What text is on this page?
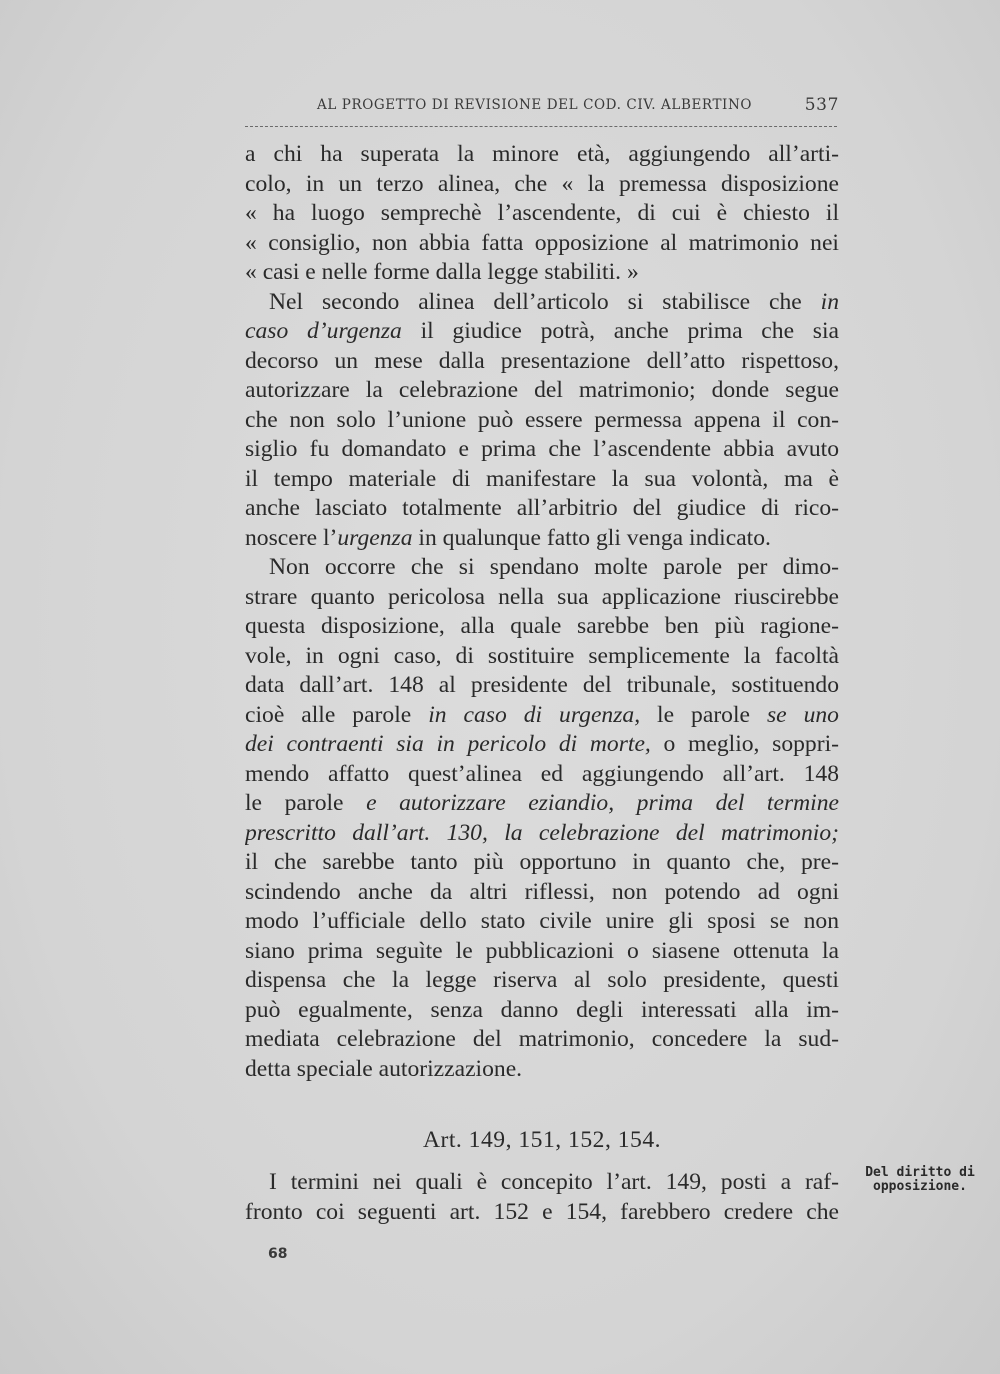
AL PROGETTO DI REVISIONE DEL COD. CIV. ALBERTINO	537
a chi ha superata la minore età, aggiungendo all’arti-
colo, in un terzo alinea, che « la premessa disposizione
« ha luogo semprechè l’ascendente, di cui è chiesto il
« consiglio, non abbia fatta opposizione al matrimonio nei
« casi e nelle forme dalla legge stabiliti. »
Nel secondo alinea dell’articolo si stabilisce che in
caso d’urgenza il giudice potrà, anche prima che sia
decorso un mese dalla presentazione dell’atto rispettoso,
autorizzare la celebrazione del matrimonio; donde segue
che non solo l’unione può essere permessa appena il con-
siglio fu domandato e prima che l’ascendente abbia avuto
il tempo materiale di manifestare la sua volontà, ma è
anche lasciato totalmente all’arbitrio del giudice di rico-
noscere l’urgenza in qualunque fatto gli venga indicato.
Non occorre che si spendano molte parole per dimo-
strare quanto pericolosa nella sua applicazione riuscirebbe
questa disposizione, alla quale sarebbe ben più ragione-
vole, in ogni caso, di sostituire semplicemente la facoltà
data dall’art. 148 al presidente del tribunale, sostituendo
cioè alle parole in caso di urgenza, le parole se uno
dei contraenti sia in pericolo di morte, o meglio, soppri-
mendo affatto quest’alinea ed aggiungendo all’art. 148
le parole e autorizzare eziandio, prima del termine
prescritto dall’art. 130, la celebrazione del matrimonio;
il che sarebbe tanto più opportuno in quanto che, pre-
scindendo anche da altri riflessi, non potendo ad ogni
modo l’ufficiale dello stato civile unire gli sposi se non
siano prima seguìte le pubblicazioni o siasene ottenuta la
dispensa che la legge riserva al solo presidente, questi
può egualmente, senza danno degli interessati alla im-
mediata celebrazione del matrimonio, concedere la sud-
detta speciale autorizzazione.
Art. 149, 151, 152, 154.
I termini nei quali è concepito l’art. 149, posti a raf-
fronto coi seguenti art. 152 e 154, farebbero credere che
Del diritto di
opposizione.
68
